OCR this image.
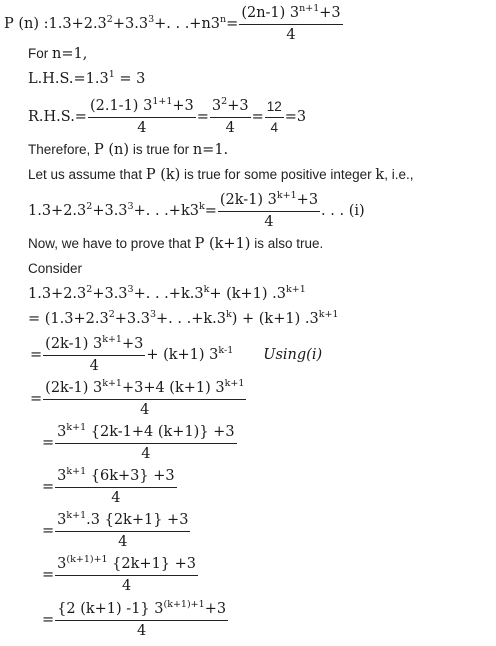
P (n) $:1.3+2.3^2+3.3^3+$. . $.+n3^n= \frac{(2n-1) 3^{n+1}+3}{4}$
For n=1,
$L.H.S.=1.3^1 = 3$
$R.H.S.= \frac{(2.1-1) 3^{1+1}+3}{4} = \frac{3^2+3}{4} = \frac{12}{4} =3$
Therefore, P (n) is true for n=1.
Let us assume that P (k) is true for some positive integer k, i.e.,
$1.3+2.3^2+3.3^3+$. . $.+k3^k= \frac{(2k-1) 3^{k+1}+3}{4}$ . . . (i)
Now, we have to prove that P (k+1) is also true.
Consider
$1.3+2.3^2+3.3^3+$. . $.+k.3^k+ (k+1)$ $.3^{k+1}$
= ($1.3+2.3^2+3.3^3+$. . $.+k.3^k) + (k+1)$ $.3^{k+1}$
= $\frac{(2k-1) 3^{k+1}+3}{4} + (k+1)$ 3$^{k-1}$ Using(i)
= $\frac{(2k-1) 3^{k+1}+3+4 (k+1) 3^{k+1}}{4}$
= $\frac{3^{k+1} \{2k-1+4 (k+1)\} +3}{4}$
= $\frac{3^{k+1} \{6k+3\} +3}{4}$
= $\frac{3^{k+1}.3 \{2k+1\} +3}{4}$
= $\frac{3^{(k+1)+1} \{2k+1\} +3}{4}$
= $\frac{\{2 (k+1) -1\} 3^{(k+1)+1}+3}{4}$
